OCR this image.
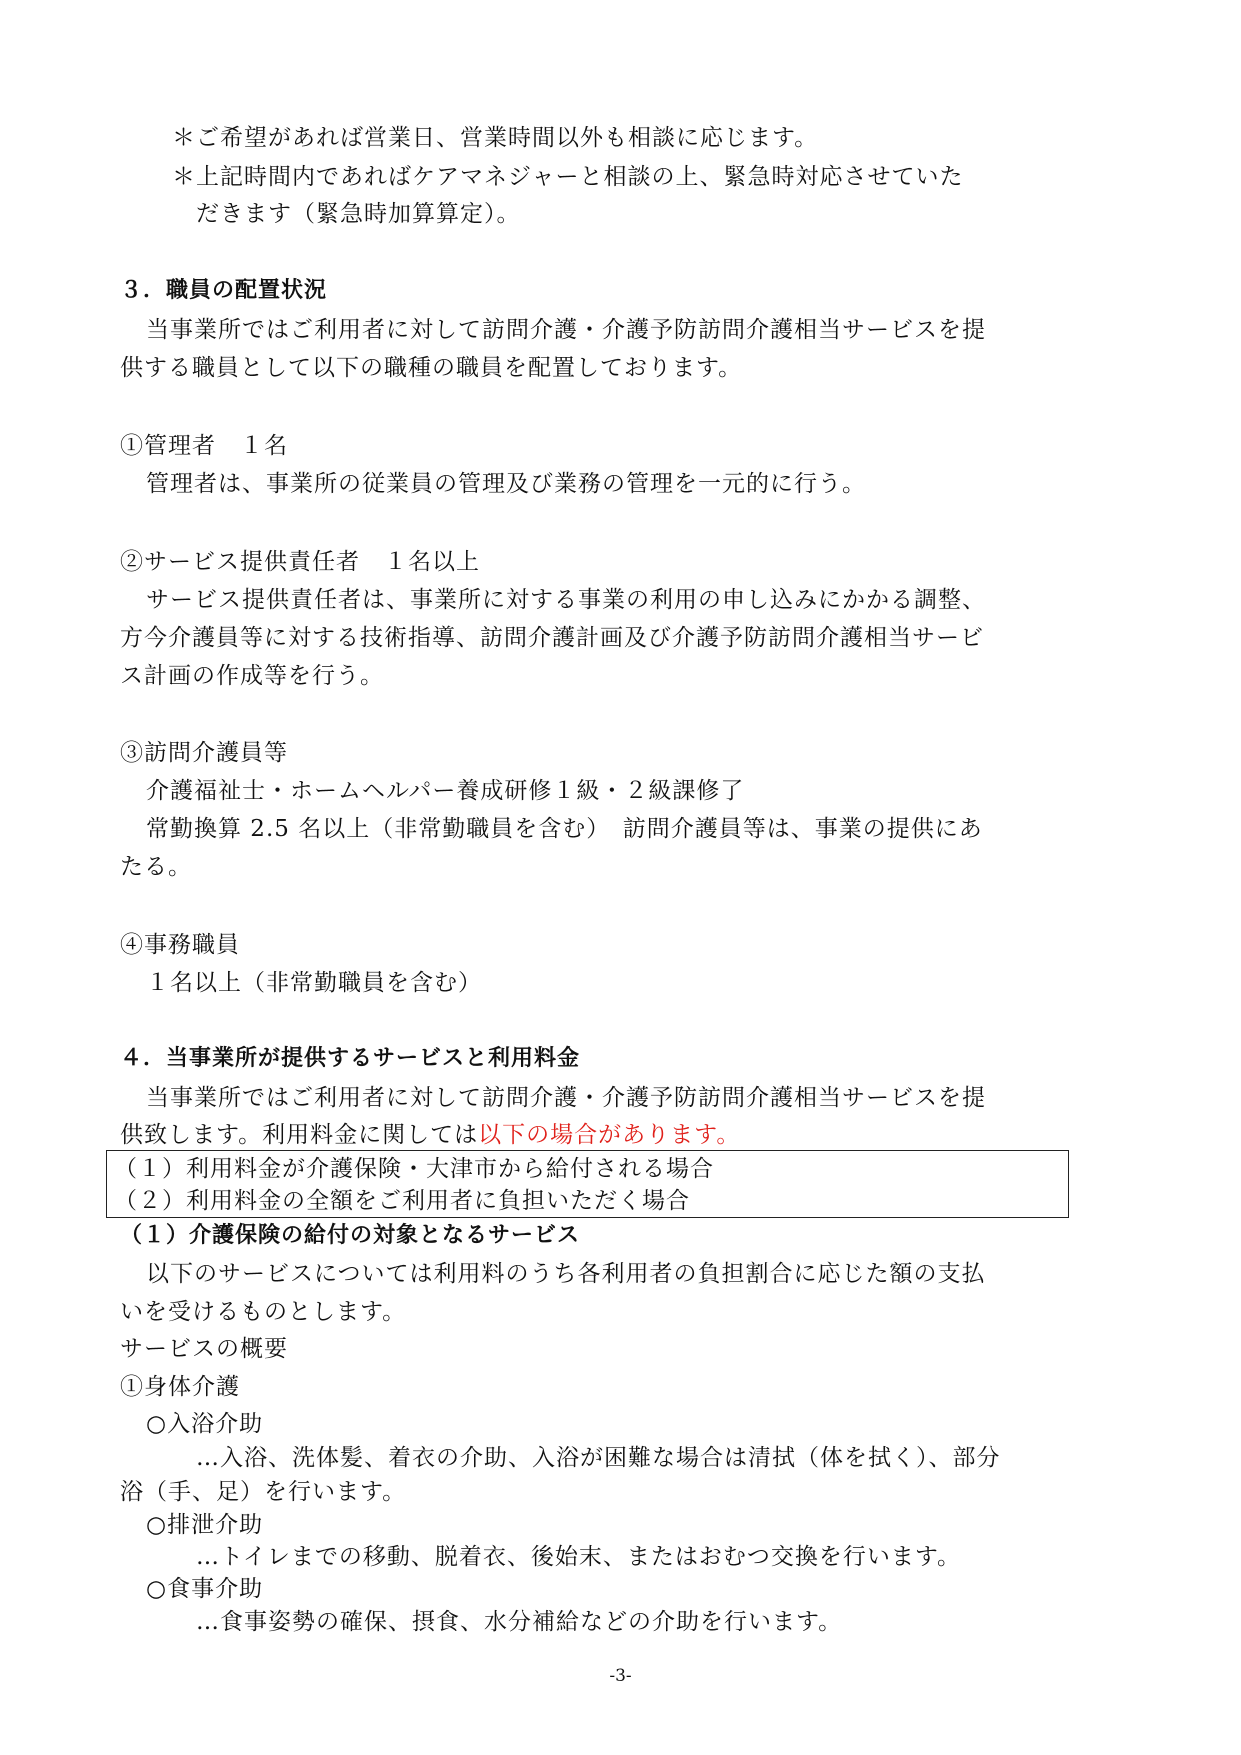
＊ご希望があれば営業日、営業時間以外も相談に応じます。
＊上記時間内であればケアマネジャーと相談の上、緊急時対応させていた
だきます（緊急時加算算定）。
３．職員の配置状況
当事業所ではご利用者に対して訪問介護・介護予防訪問介護相当サービスを提
供する職員として以下の職種の職員を配置しております。
①管理者　１名
管理者は、事業所の従業員の管理及び業務の管理を一元的に行う。
②サービス提供責任者　１名以上
サービス提供責任者は、事業所に対する事業の利用の申し込みにかかる調整、
方今介護員等に対する技術指導、訪問介護計画及び介護予防訪問介護相当サービ
ス計画の作成等を行う。
③訪問介護員等
介護福祉士・ホームヘルパー養成研修１級・２級課修了
常勤換算 2.5 名以上（非常勤職員を含む）　訪問介護員等は、事業の提供にあ
たる。
④事務職員
１名以上（非常勤職員を含む）
４．当事業所が提供するサービスと利用料金
当事業所ではご利用者に対して訪問介護・介護予防訪問介護相当サービスを提
供致します。利用料金に関しては以下の場合があります。
（１）利用料金が介護保険・大津市から給付される場合
（２）利用料金の全額をご利用者に負担いただく場合
（１）介護保険の給付の対象となるサービス
以下のサービスについては利用料のうち各利用者の負担割合に応じた額の支払
いを受けるものとします。
サービスの概要
①身体介護
○入浴介助
…入浴、洗体髪、着衣の介助、入浴が困難な場合は清拭（体を拭く）、部分
浴（手、足）を行います。
○排泄介助
…トイレまでの移動、脱着衣、後始末、またはおむつ交換を行います。
○食事介助
…食事姿勢の確保、摂食、水分補給などの介助を行います。
-3-
